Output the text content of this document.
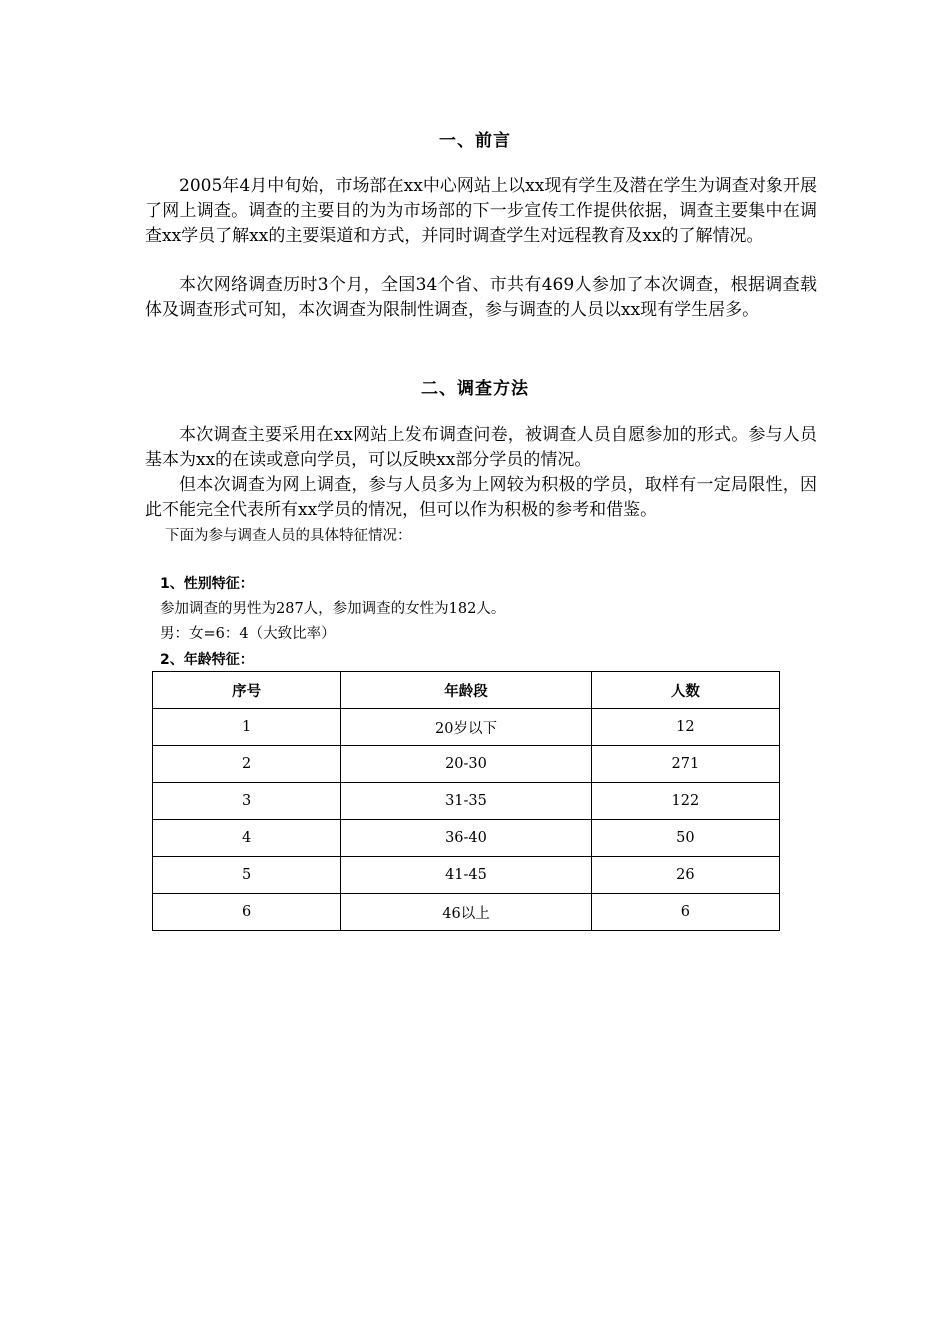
一、前言
2005年4月中旬始，市场部在xx中心网站上以xx现有学生及潜在学生为调查对象开展了网上调查。调查的主要目的为为市场部的下一步宣传工作提供依据，调查主要集中在调查xx学员了解xx的主要渠道和方式，并同时调查学生对远程教育及xx的了解情况。
本次网络调查历时3个月，全国34个省、市共有469人参加了本次调查，根据调查载体及调查形式可知，本次调查为限制性调查，参与调查的人员以xx现有学生居多。
二、调查方法
本次调查主要采用在xx网站上发布调查问卷，被调查人员自愿参加的形式。参与人员基本为xx的在读或意向学员，可以反映xx部分学员的情况。
但本次调查为网上调查，参与人员多为上网较为积极的学员，取样有一定局限性，因此不能完全代表所有xx学员的情况，但可以作为积极的参考和借鉴。
下面为参与调查人员的具体特征情况：
1、性别特征：
参加调查的男性为287人，参加调查的女性为182人。
男：女=6：4（大致比率）
2、年龄特征：
序号	年龄段	人数
1	20岁以下	12
2	20-30	271
3	31-35	122
4	36-40	50
5	41-45	26
6	46以上	6
